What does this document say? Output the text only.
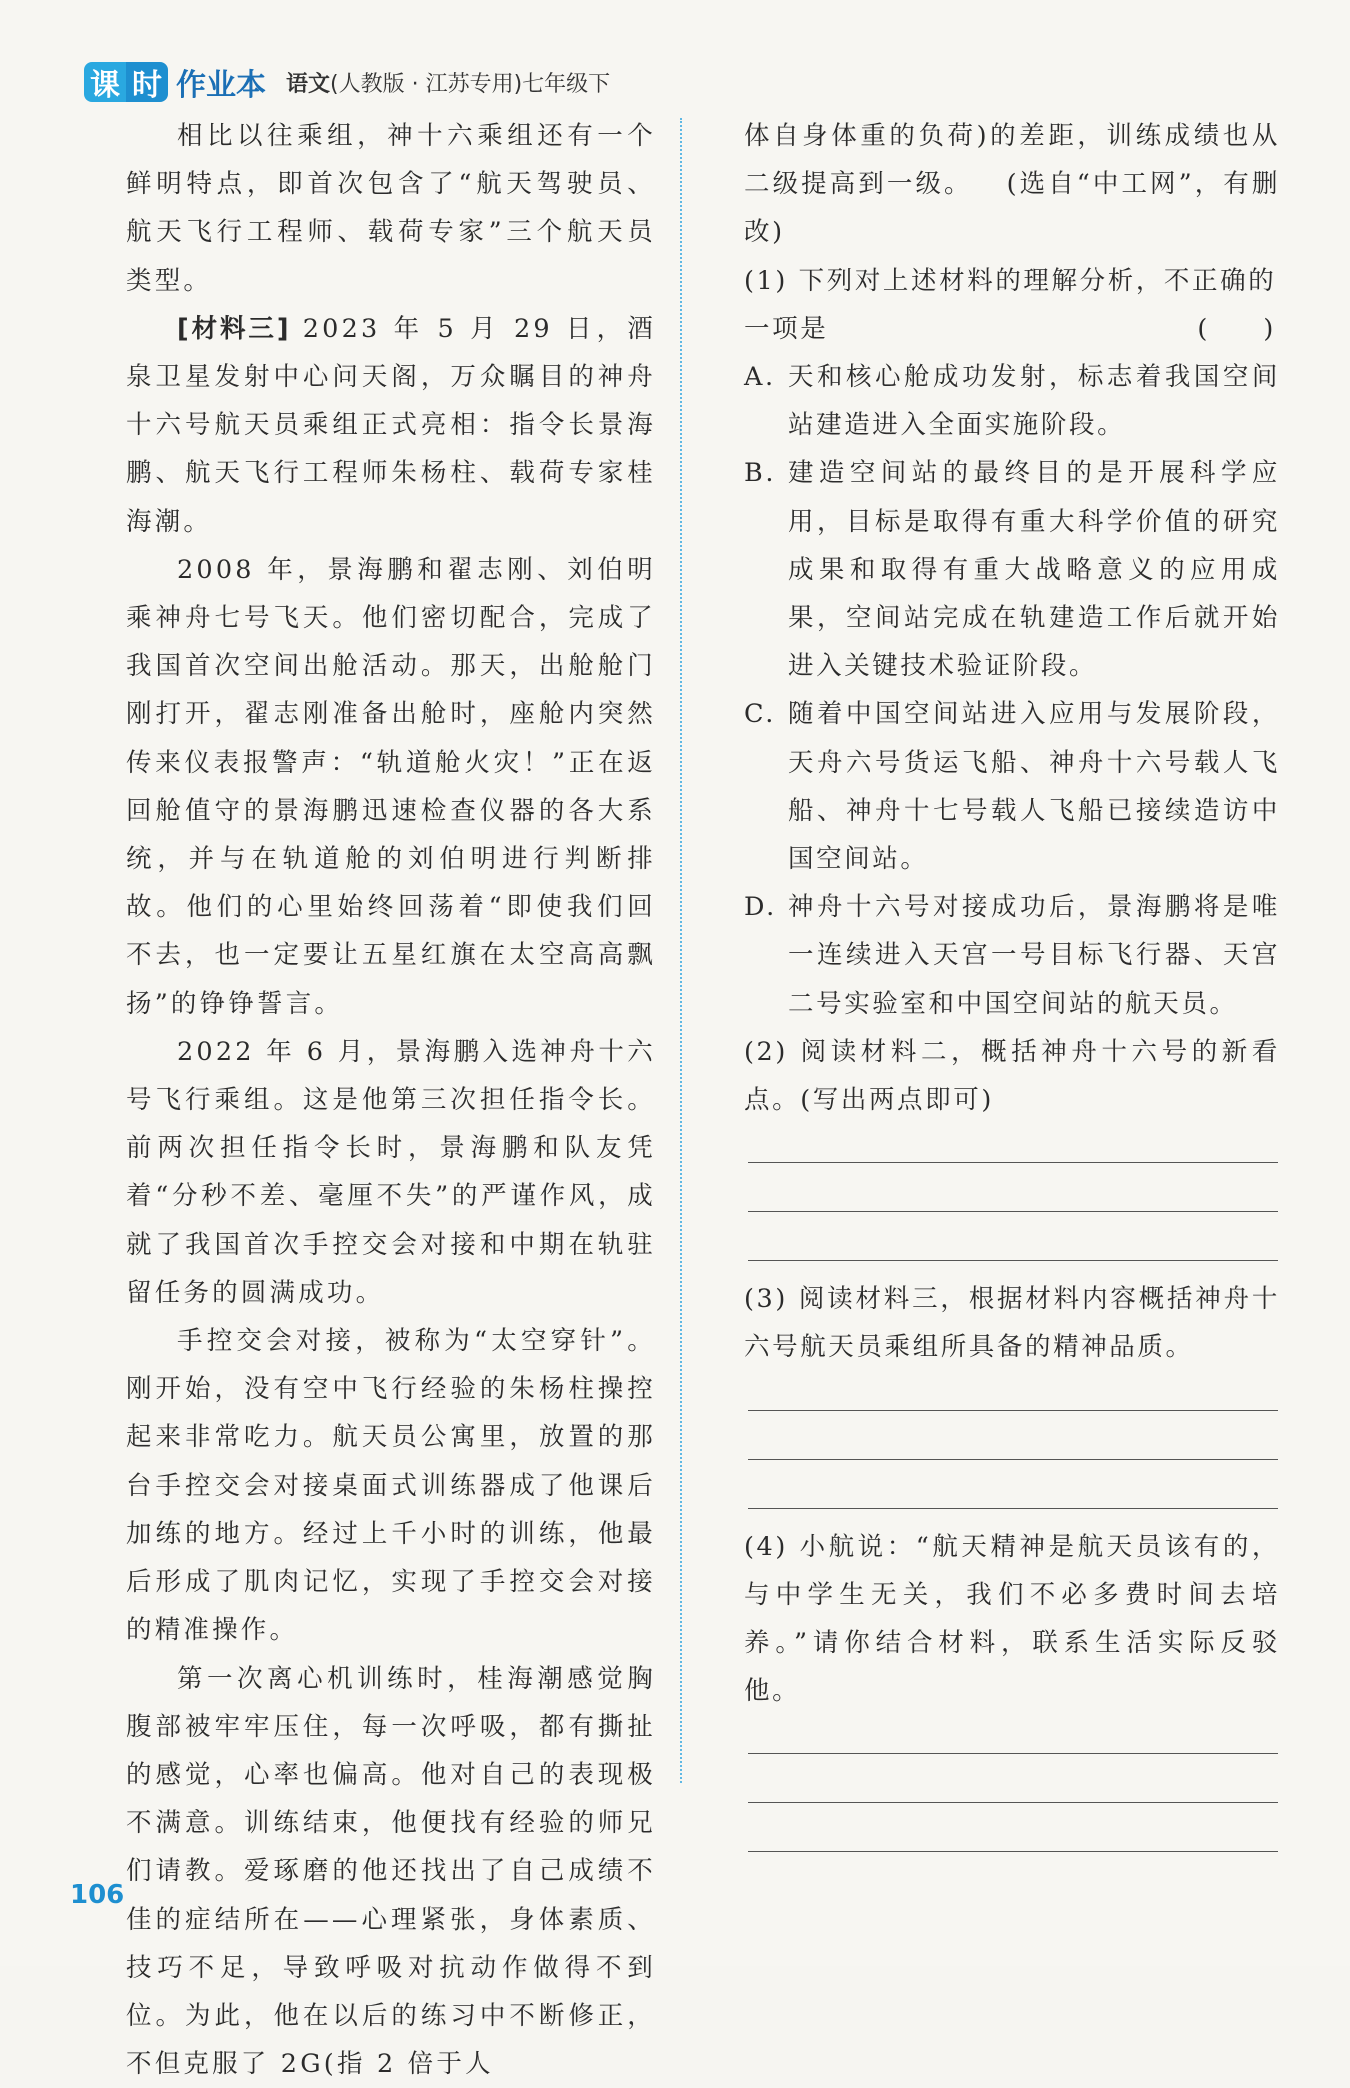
课 时 作业本 语文 (人教版 · 江苏专用)七年级下

相比以往乘组，神十六乘组还有一个鲜明特点，即首次包含了“航天驾驶员、航天飞行工程师、载荷专家”三个航天员类型。

[材料三] 2023 年 5 月 29 日，酒泉卫星发射中心问天阁，万众瞩目的神舟十六号航天员乘组正式亮相：指令长景海鹏、航天飞行工程师朱杨柱、载荷专家桂海潮。

2008 年，景海鹏和翟志刚、刘伯明乘神舟七号飞天。他们密切配合，完成了我国首次空间出舱活动。那天，出舱舱门刚打开，翟志刚准备出舱时，座舱内突然传来仪表报警声：“轨道舱火灾！”正在返回舱值守的景海鹏迅速检查仪器的各大系统，并与在轨道舱的刘伯明进行判断排故。他们的心里始终回荡着“即使我们回不去，也一定要让五星红旗在太空高高飘扬”的铮铮誓言。

2022 年 6 月，景海鹏入选神舟十六号飞行乘组。这是他第三次担任指令长。前两次担任指令长时，景海鹏和队友凭着“分秒不差、毫厘不失”的严谨作风，成就了我国首次手控交会对接和中期在轨驻留任务的圆满成功。

手控交会对接，被称为“太空穿针”。刚开始，没有空中飞行经验的朱杨柱操控起来非常吃力。航天员公寓里，放置的那台手控交会对接桌面式训练器成了他课后加练的地方。经过上千小时的训练，他最后形成了肌肉记忆，实现了手控交会对接的精准操作。

第一次离心机训练时，桂海潮感觉胸腹部被牢牢压住，每一次呼吸，都有撕扯的感觉，心率也偏高。他对自己的表现极不满意。训练结束，他便找有经验的师兄们请教。爱琢磨的他还找出了自己成绩不佳的症结所在——心理紧张，身体素质、技巧不足，导致呼吸对抗动作做得不到位。为此，他在以后的练习中不断修正，不但克服了 2G(指 2 倍于人

体自身体重的负荷)的差距，训练成绩也从二级提高到一级。 (选自“中工网”，有删改)

(1) 下列对上述材料的理解分析，不正确的

一项是	(     )
A. 天和核心舱成功发射，标志着我国空间站建造进入全面实施阶段。
B. 建造空间站的最终目的是开展科学应用，目标是取得有重大科学价值的研究成果和取得有重大战略意义的应用成果，空间站完成在轨建造工作后就开始进入关键技术验证阶段。
C. 随着中国空间站进入应用与发展阶段，天舟六号货运飞船、神舟十六号载人飞船、神舟十七号载人飞船已接续造访中国空间站。
D. 神舟十六号对接成功后，景海鹏将是唯一连续进入天宫一号目标飞行器、天宫二号实验室和中国空间站的航天员。

(2) 阅读材料二，概括神舟十六号的新看点。(写出两点即可)

(3) 阅读材料三，根据材料内容概括神舟十六号航天员乘组所具备的精神品质。

(4) 小航说：“航天精神是航天员该有的，与中学生无关，我们不必多费时间去培养。”请你结合材料，联系生活实际反驳他。

106
